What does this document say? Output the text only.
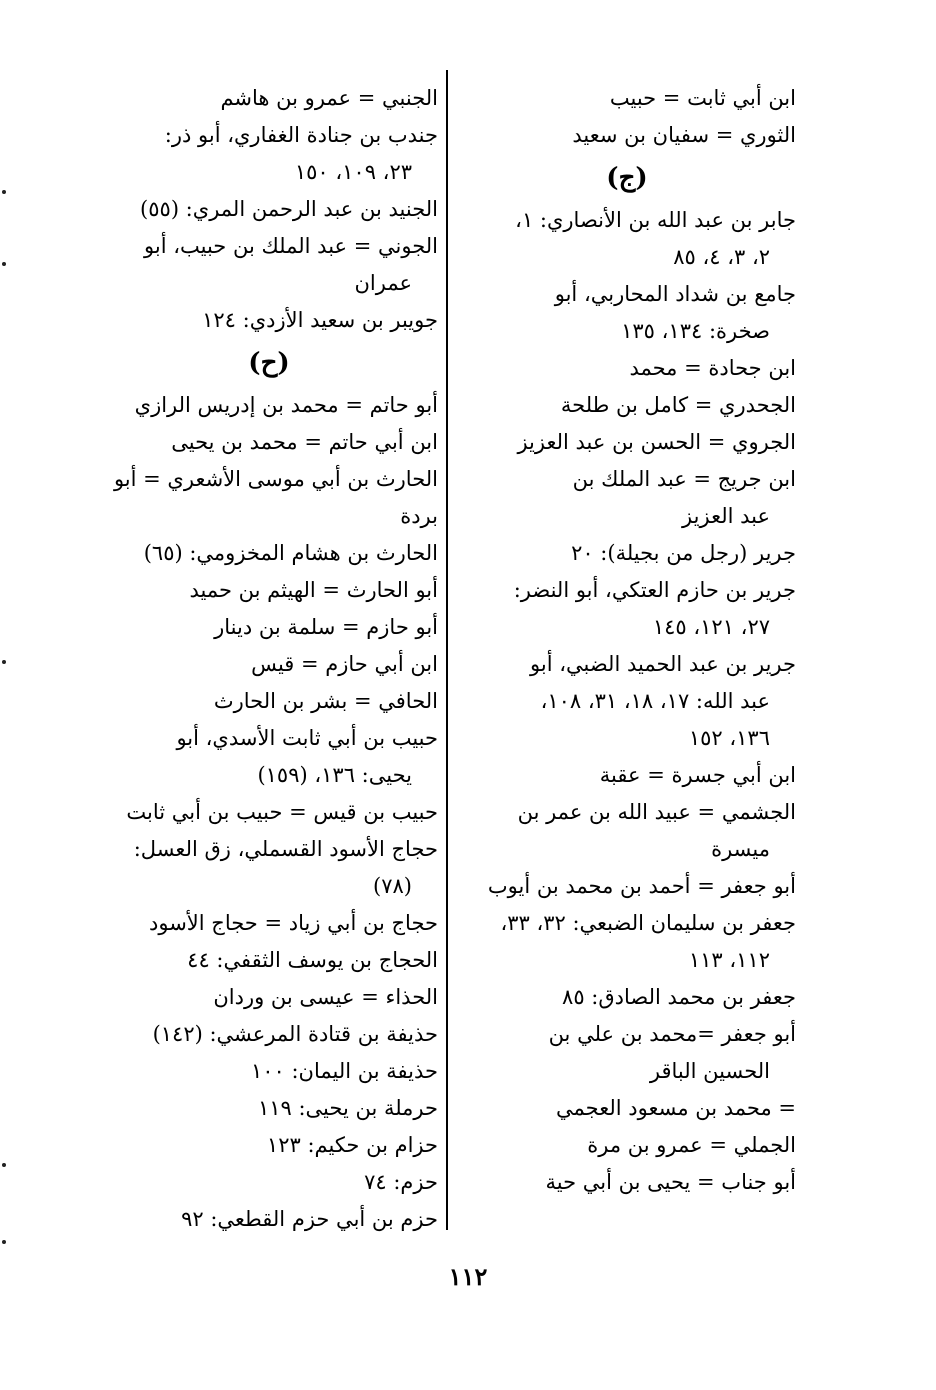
ابن أبي ثابت = حبيب
الثوري = سفيان بن سعيد
(ج)
جابر بن عبد الله بن الأنصاري: ١،
٢، ٣، ٤، ٨٥
جامع بن شداد المحاربي، أبو
صخرة: ١٣٤، ١٣٥
ابن جحادة = محمد
الجحدري = كامل بن طلحة
الجروي = الحسن بن عبد العزيز
ابن جريج = عبد الملك بن
عبد العزيز
جرير (رجل من بجيلة): ٢٠
جرير بن حازم العتكي، أبو النضر:
٢٧، ١٢١، ١٤٥
جرير بن عبد الحميد الضبي، أبو
عبد الله: ١٧، ١٨، ٣١، ١٠٨،
١٣٦، ١٥٢
ابن أبي جسرة = عقبة
الجشمي = عبيد الله بن عمر بن
ميسرة
أبو جعفر = أحمد بن محمد بن أيوب
جعفر بن سليمان الضبعي: ٣٢، ٣٣،
١١٢، ١١٣
جعفر بن محمد الصادق: ٨٥
أبو جعفر =محمد بن علي بن
الحسين الباقر
= محمد بن مسعود العجمي
الجملي = عمرو بن مرة
أبو جناب = يحيى بن أبي حية
الجنبي = عمرو بن هاشم
جندب بن جنادة الغفاري، أبو ذر:
٢٣، ١٠٩، ١٥٠
الجنيد بن عبد الرحمن المري: (٥٥)
الجوني = عبد الملك بن حبيب، أبو
عمران
جويبر بن سعيد الأزدي: ١٢٤
(ح)
أبو حاتم = محمد بن إدريس الرازي
ابن أبي حاتم = محمد بن يحيى
الحارث بن أبي موسى الأشعري = أبو بردة
الحارث بن هشام المخزومي: (٦٥)
أبو الحارث = الهيثم بن حميد
أبو حازم = سلمة بن دينار
ابن أبي حازم = قيس
الحافي = بشر بن الحارث
حبيب بن أبي ثابت الأسدي، أبو
يحيى: ١٣٦، (١٥٩)
حبيب بن قيس = حبيب بن أبي ثابت
حجاج الأسود القسملي، زق العسل:
(٧٨)
حجاج بن أبي زياد = حجاج الأسود
الحجاج بن يوسف الثقفي: ٤٤
الحذاء = عيسى بن وردان
حذيفة بن قتادة المرعشي: (١٤٢)
حذيفة بن اليمان: ١٠٠
حرملة بن يحيى: ١١٩
حزام بن حكيم: ١٢٣
حزم: ٧٤
حزم بن أبي حزم القطعي: ٩٢
١١٢
